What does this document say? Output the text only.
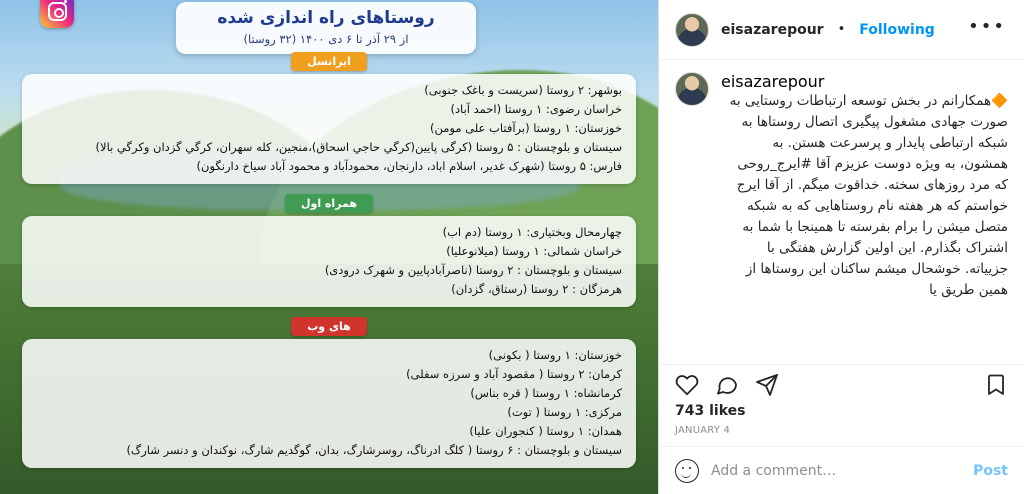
روستاهای راه اندازی شده
از ۲۹ آذر تا ۶ دی ۱۴۰۰ (۳۲ روستا)
ایرانسل
بوشهر: ۲ روستا (سریست و باغک جنوبی)
خراسان رضوی: ۱ روستا (احمد آباد)
خوزستان: ۱ روستا (برآفتاب علی مومن)
سیستان و بلوچستان : ۵ روستا (کرگی پایین(کرگي حاجي اسحاق)،منجین، کله سهران، کرگي گزدان وکرگي بالا)
فارس: ۵ روستا (شهرک غدیر، اسلام اباد، دارنجان، محمودآباد و محمود آباد سیاخ دارنگون)
همراه اول
چهارمحال وبختیاری: ۱ روستا (دم اب)
خراسان شمالی: ۱ روستا (میلانوعلیا)
سیستان و بلوچستان : ۲ روستا (ناصرآبادپایین و شهرک درودی)
هرمزگان : ۲ روستا (رستاق، گزدان)
های وب
خوزستان: ۱ روستا ( بکونی)
کرمان: ۲ روستا ( مقصود آباد و سرزه سفلی)
کرمانشاه: ۱ روستا ( قره بناس)
مرکزی: ۱ روستا ( توت)
همدان: ۱ روستا ( کنجوران علیا)
سیستان و بلوچستان : ۶ روستا ( کلگ ادرناگ، روسرشارگ، بدان، گوگدیم شارگ، نوکندان و دنسر شارگ)
eisazarepour • Following •••
eisazarepour
🔶همکارانم در بخش توسعه ارتباطات روستایی به صورت جهادی مشغول پیگیری اتصال روستاها به شبکه ارتباطی پایدار و پرسرعت هستن. به همشون، به ویژه دوست عزیزم آقا #ایرج_روحی که مرد روزهای سخته. خداقوت میگم. از آقا ایرج خواستم که هر هفته نام روستاهایی که به شبکه متصل میشن را برام بفرسته تا همینجا با شما به اشتراک بگذارم. این اولین گزارش هفتگی با جزییاته. خوشحال میشم ساکنان این روستاها از همین طریق یا
743 likes
JANUARY 4
Add a comment…
Post
